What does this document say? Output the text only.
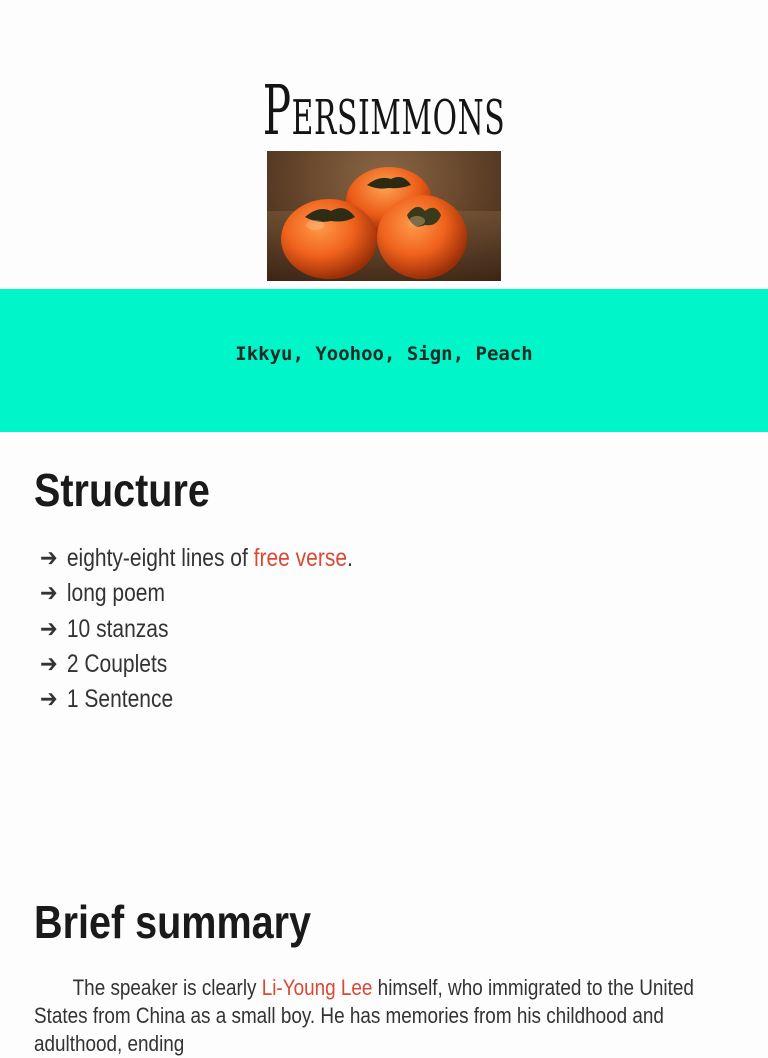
Persimmons
Ikkyu, Yoohoo, Sign, Peach
Structure
➔ eighty-eight lines of free verse.
➔ long poem
➔ 10 stanzas
➔ 2 Couplets
➔ 1 Sentence
Brief summary

The speaker is clearly Li-Young Lee himself, who immigrated to the United States from China as a small boy. He has memories from his childhood and adulthood, ending
